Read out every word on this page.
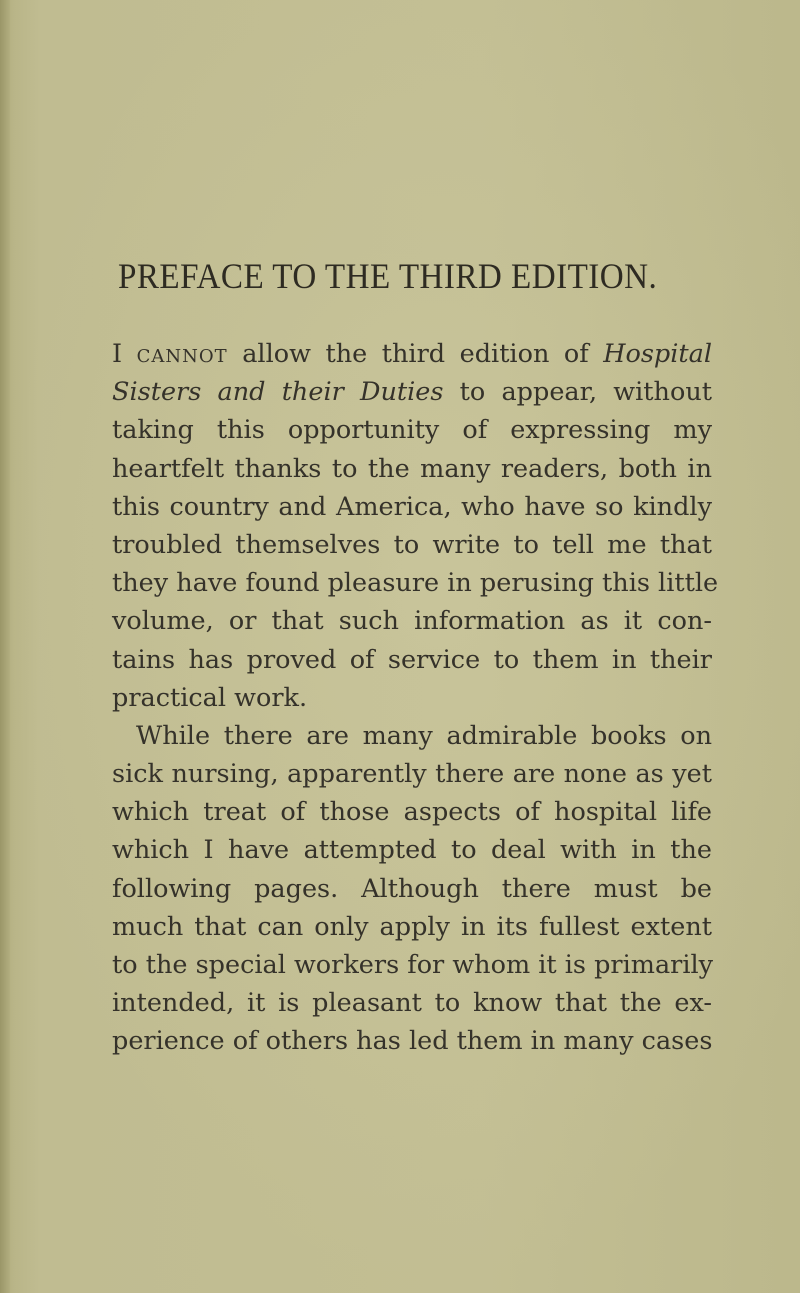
PREFACE TO THE THIRD EDITION.
I cannot allow the third edition of Hospital
Sisters and their Duties to appear, without
taking this opportunity of expressing my
heartfelt thanks to the many readers, both in
this country and America, who have so kindly
troubled themselves to write to tell me that
they have found pleasure in perusing this little
volume, or that such information as it con-
tains has proved of service to them in their
practical work.
While there are many admirable books on
sick nursing, apparently there are none as yet
which treat of those aspects of hospital life
which I have attempted to deal with in the
following pages. Although there must be
much that can only apply in its fullest extent
to the special workers for whom it is primarily
intended, it is pleasant to know that the ex-
perience of others has led them in many cases
